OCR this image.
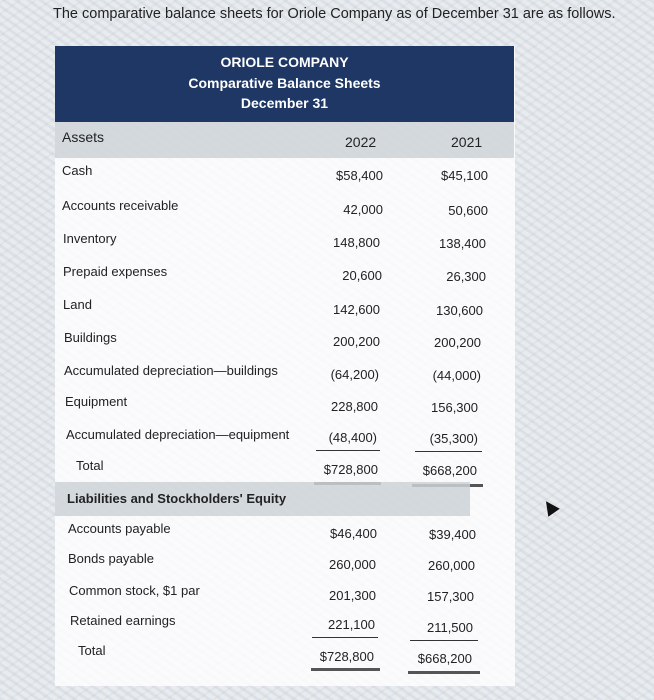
The comparative balance sheets for Oriole Company as of December 31 are as follows.
ORIOLE COMPANY
Comparative Balance Sheets
December 31
Assets	2022	2021
Cash	$58,400	$45,100
Accounts receivable	42,000	50,600
Inventory	148,800	138,400
Prepaid expenses	20,600	26,300
Land	142,600	130,600
Buildings	200,200	200,200
Accumulated depreciation—buildings	(64,200)	(44,000)
Equipment	228,800	156,300
Accumulated depreciation—equipment	(48,400)	(35,300)
Total	$728,800	$668,200
Liabilities and Stockholders' Equity
Accounts payable	$46,400	$39,400
Bonds payable	260,000	260,000
Common stock, $1 par	201,300	157,300
Retained earnings	221,100	211,500
Total	$728,800	$668,200
